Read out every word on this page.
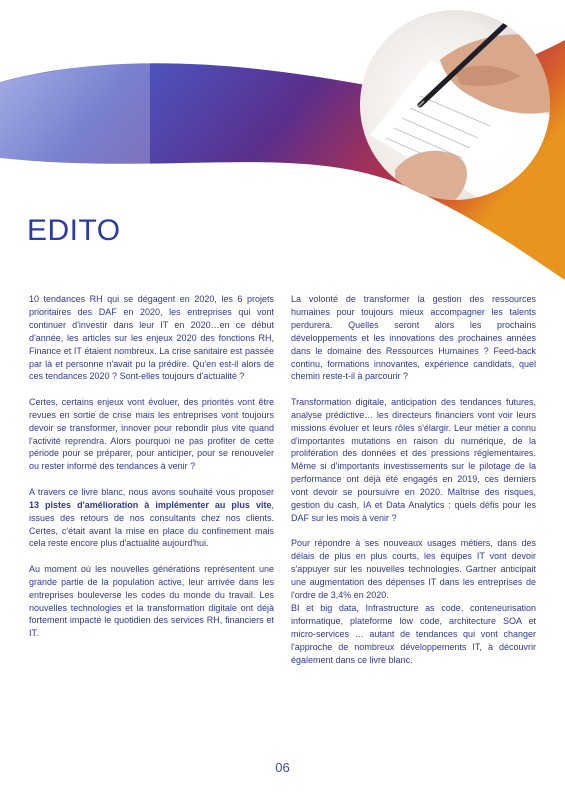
EDITO

10 tendances RH qui se dégagent en 2020, les 6 projets prioritaires des DAF en 2020, les entreprises qui vont continuer d'investir dans leur IT en 2020…en ce début d'année, les articles sur les enjeux 2020 des fonctions RH, Finance et IT étaient nombreux. La crise sanitaire est passée par là et personne n'avait pu la prédire. Qu'en est-il alors de ces tendances 2020 ? Sont-elles toujours d'actualité ?

Certes, certains enjeux vont évoluer, des priorités vont être revues en sortie de crise mais les entreprises vont toujours devoir se transformer, innover pour rebondir plus vite quand l'activité reprendra. Alors pourquoi ne pas profiter de cette période pour se préparer, pour anticiper, pour se renouveler ou rester informé des tendances à venir ?

A travers ce livre blanc, nous avons souhaité vous proposer 13 pistes d'amélioration à implémenter au plus vite, issues des retours de nos consultants chez nos clients. Certes, c'était avant la mise en place du confinement mais cela reste encore plus d'actualité aujourd'hui.

Au moment où les nouvelles générations représentent une grande partie de la population active, leur arrivée dans les entreprises bouleverse les codes du monde du travail. Les nouvelles technologies et la transformation digitale ont déjà fortement impacté le quotidien des services RH, financiers et IT.

La volonté de transformer la gestion des ressources humaines pour toujours mieux accompagner les talents perdurera. Quelles seront alors les prochains développements et les innovations des prochaines années dans le domaine des Ressources Humaines ? Feed-back continu, formations innovantes, expérience candidats, quel chemin reste-t-il à parcourir ?

Transformation digitale, anticipation des tendances futures, analyse prédictive… les directeurs financiers vont voir leurs missions évoluer et leurs rôles s'élargir. Leur métier a connu d'importantes mutations en raison du numérique, de la prolifération des données et des pressions réglementaires. Même si d'importants investissements sur le pilotage de la performance ont déjà été engagés en 2019, ces derniers vont devoir se poursuivre en 2020. Maîtrise des risques, gestion du cash, IA et Data Analytics : quels défis pour les DAF sur les mois à venir ?

Pour répondre à ses nouveaux usages métiers, dans des délais de plus en plus courts, les équipes IT vont devoir s'appuyer sur les nouvelles technologies. Gartner anticipait une augmentation des dépenses IT dans les entreprises de l'ordre de 3,4% en 2020.

BI et big data, Infrastructure as code, conteneurisation informatique, plateforme low code, architecture SOA et micro-services … autant de tendances qui vont changer l'approche de nombreux développements IT, à découvrir également dans ce livre blanc.

06
